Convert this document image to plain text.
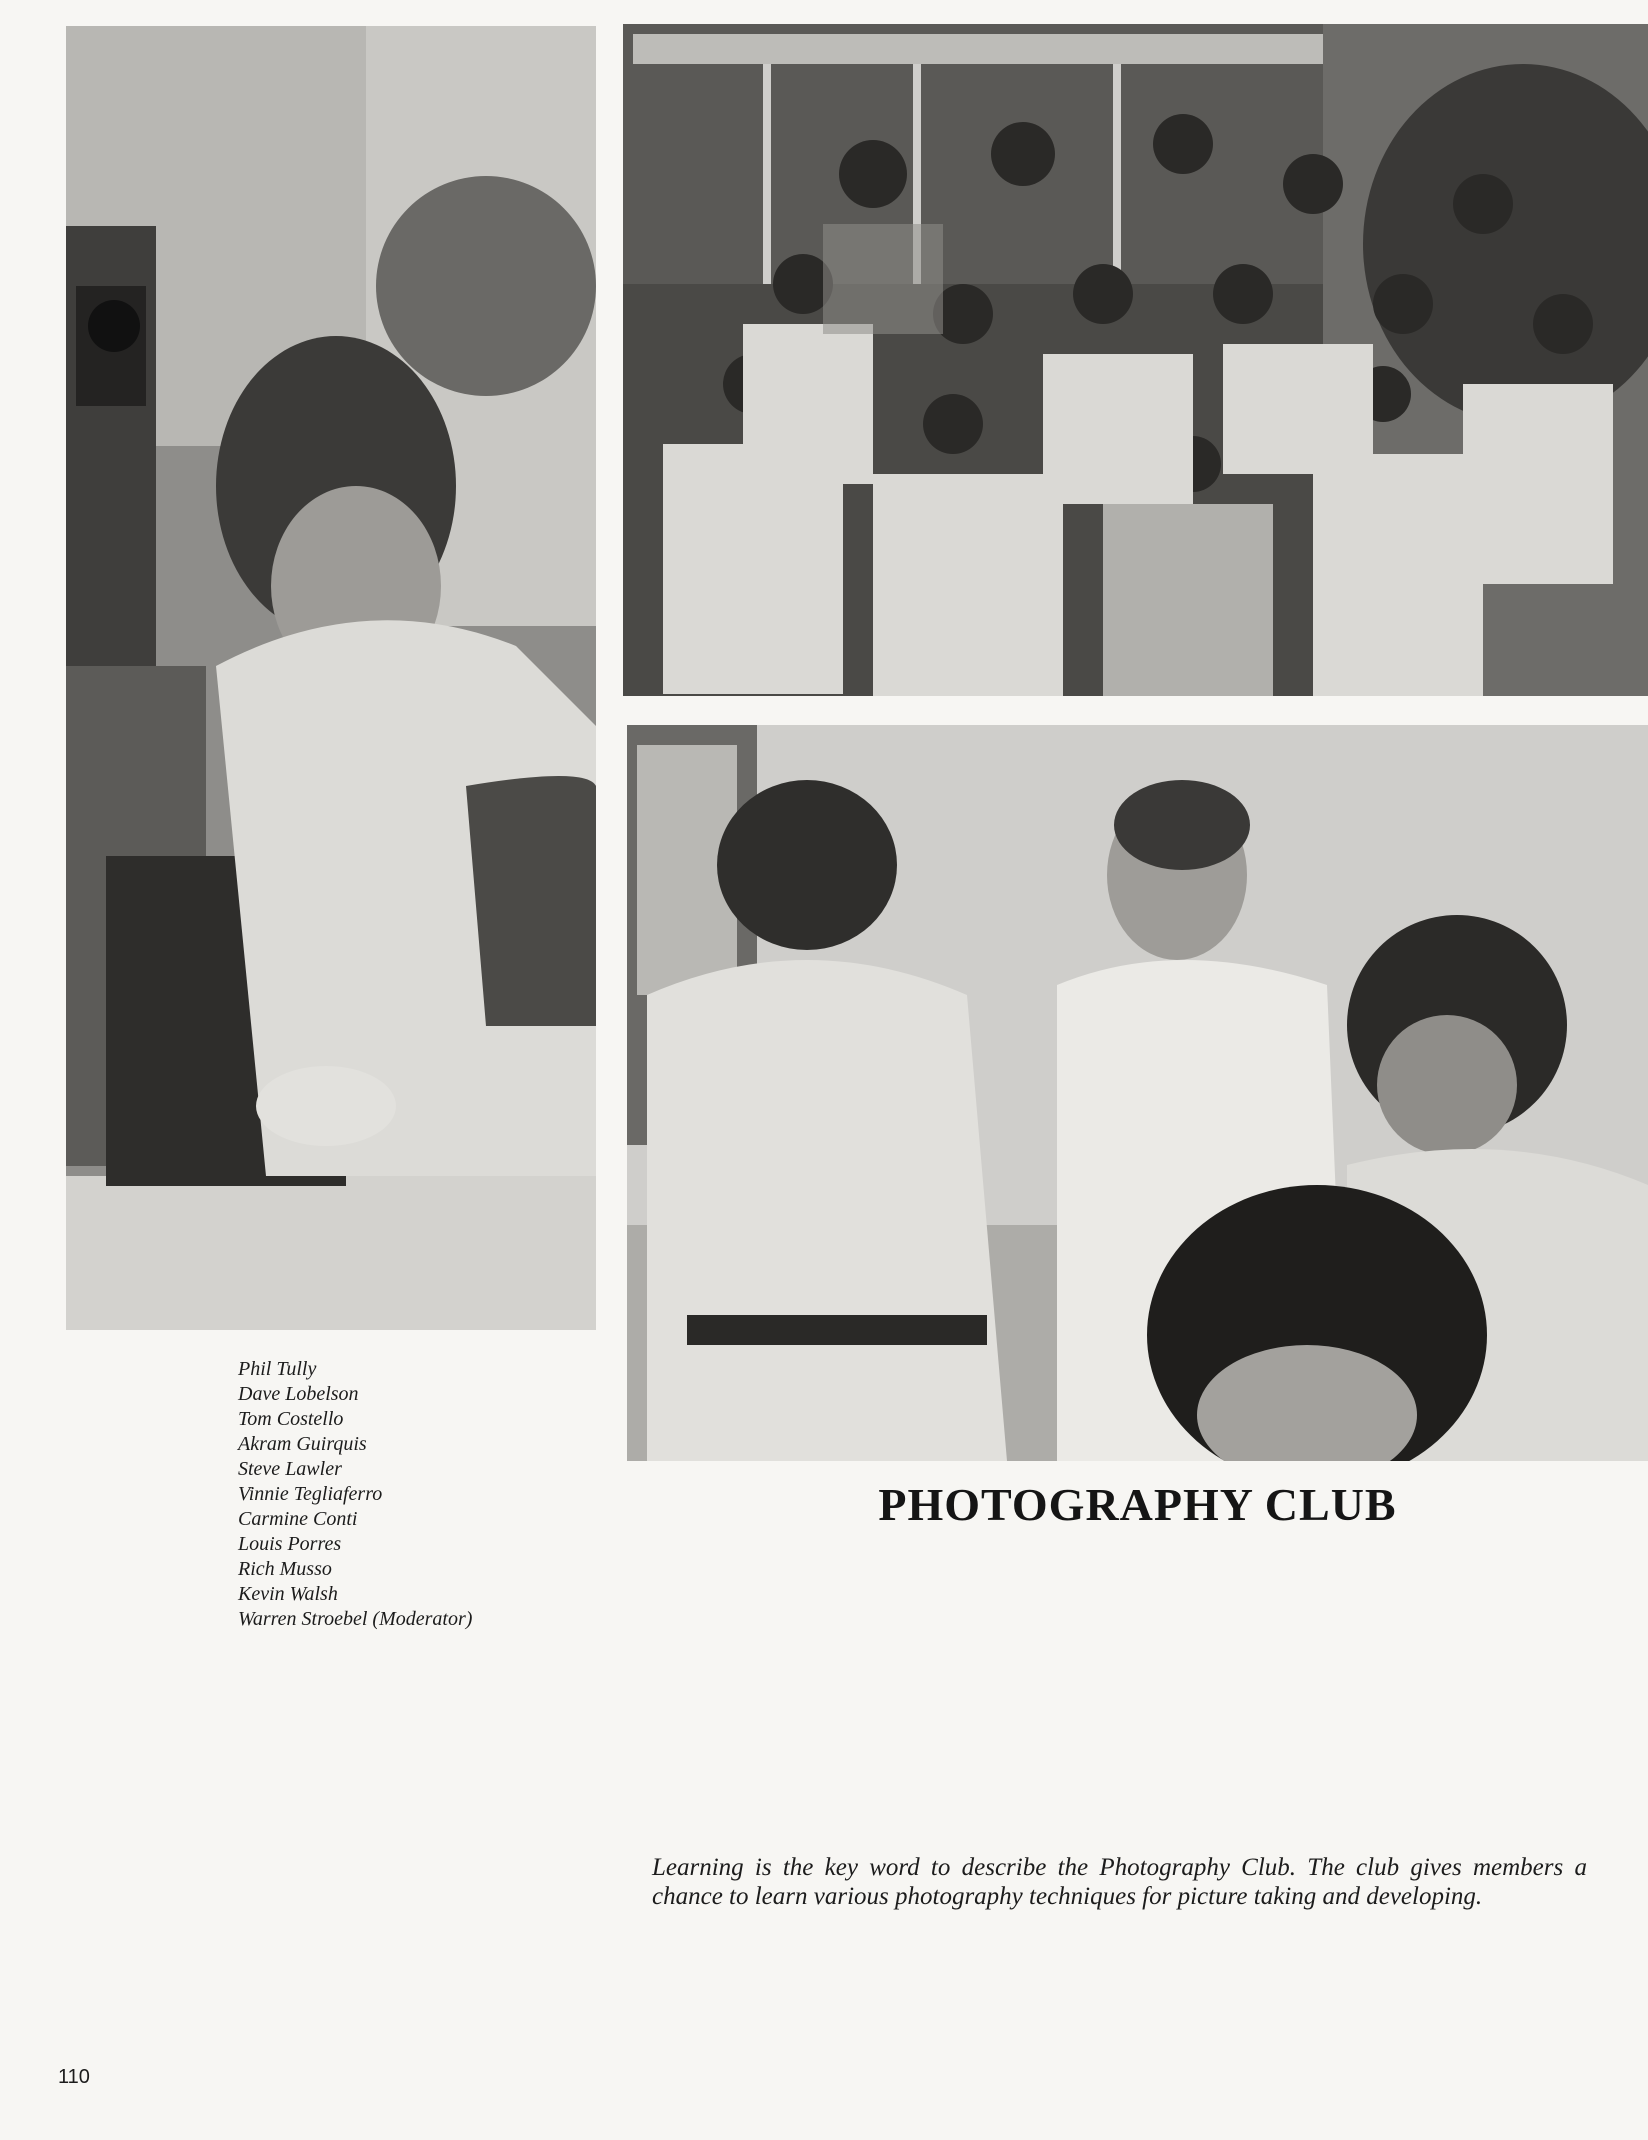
Phil Tully
Dave Lobelson
Tom Costello
Akram Guirquis
Steve Lawler
Vinnie Tegliaferro
Carmine Conti
Louis Porres
Rich Musso
Kevin Walsh
Warren Stroebel (Moderator)
PHOTOGRAPHY CLUB

Learning is the key word to describe the Photography Club. The club gives members a chance to learn various photography techniques for picture taking and developing.

110
